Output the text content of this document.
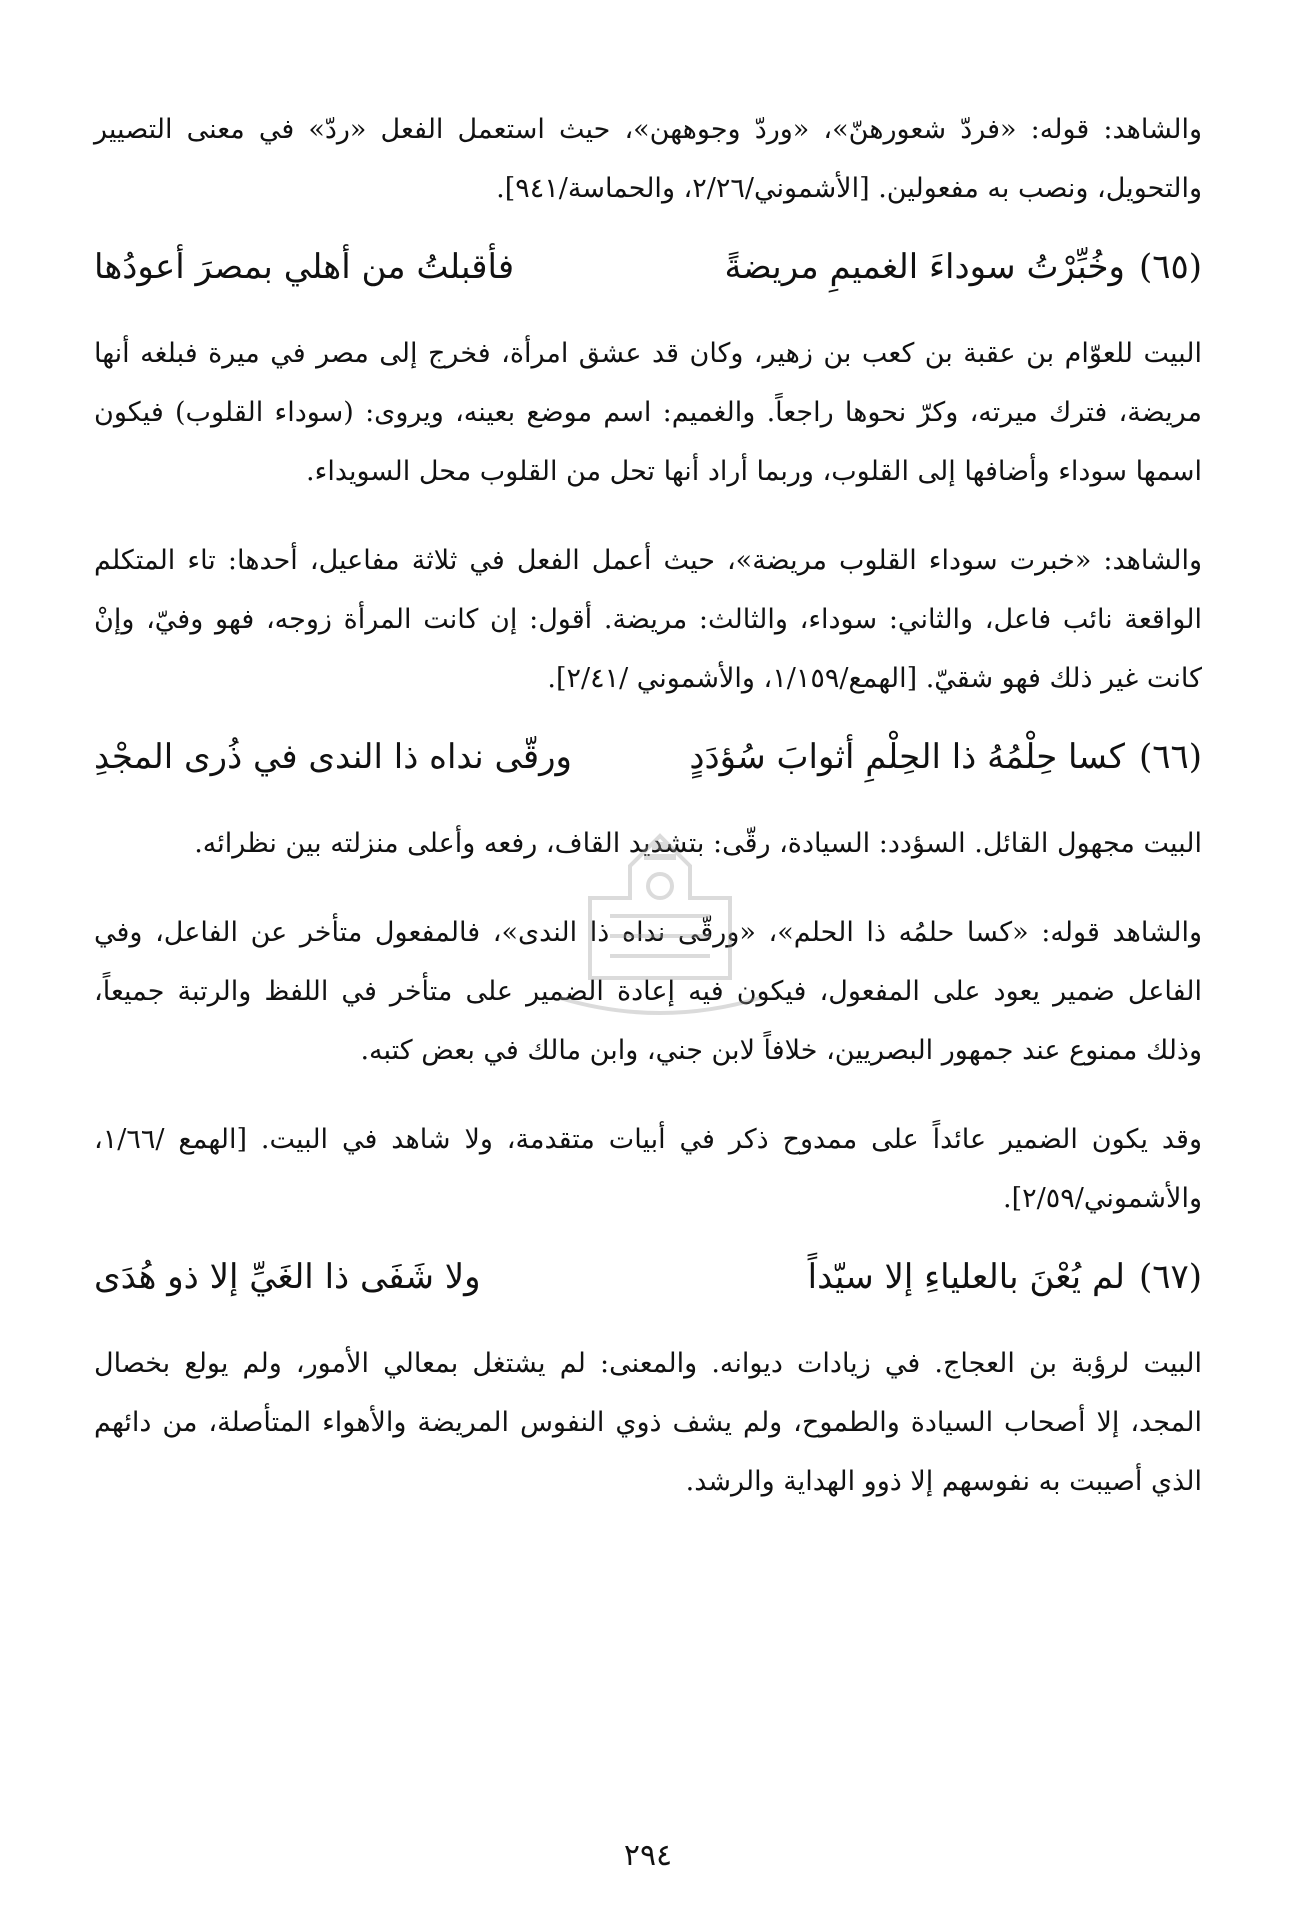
والشاهد: قوله: «فردّ شعورهنّ»، «وردّ وجوههن»، حيث استعمل الفعل «ردّ» في معنى التصيير والتحويل، ونصب به مفعولين. [الأشموني/٢/٢٦، والحماسة/٩٤١].

(٦٥)
وخُبِّرْتُ سوداءَ الغميمِ مريضةً
فأقبلتُ من أهلي بمصرَ أعودُها

البيت للعوّام بن عقبة بن كعب بن زهير، وكان قد عشق امرأة، فخرج إلى مصر في ميرة فبلغه أنها مريضة، فترك ميرته، وكرّ نحوها راجعاً. والغميم: اسم موضع بعينه، ويروى: (سوداء القلوب) فيكون اسمها سوداء وأضافها إلى القلوب، وربما أراد أنها تحل من القلوب محل السويداء.

والشاهد: «خبرت سوداء القلوب مريضة»، حيث أعمل الفعل في ثلاثة مفاعيل، أحدها: تاء المتكلم الواقعة نائب فاعل، والثاني: سوداء، والثالث: مريضة. أقول: إن كانت المرأة زوجه، فهو وفيّ، وإنْ كانت غير ذلك فهو شقيّ. [الهمع/١/١٥٩، والأشموني /٢/٤١].

(٦٦)
كسا حِلْمُهُ ذا الحِلْمِ أثوابَ سُؤدَدٍ
ورقّى نداه ذا الندى في ذُرى المجْدِ

البيت مجهول القائل. السؤدد: السيادة، رقّى: بتشديد القاف، رفعه وأعلى منزلته بين نظرائه.

والشاهد قوله: «كسا حلمُه ذا الحلم»، «ورقّى نداه ذا الندى»، فالمفعول متأخر عن الفاعل، وفي الفاعل ضمير يعود على المفعول، فيكون فيه إعادة الضمير على متأخر في اللفظ والرتبة جميعاً، وذلك ممنوع عند جمهور البصريين، خلافاً لابن جني، وابن مالك في بعض كتبه.

وقد يكون الضمير عائداً على ممدوح ذكر في أبيات متقدمة، ولا شاهد في البيت. [الهمع /١/٦٦، والأشموني/٢/٥٩].

(٦٧)
لم يُعْنَ بالعلياءِ إلا سيّداً
ولا شَفَى ذا الغَيِّ إلا ذو هُدَى

البيت لرؤبة بن العجاج. في زيادات ديوانه. والمعنى: لم يشتغل بمعالي الأمور، ولم يولع بخصال المجد، إلا أصحاب السيادة والطموح، ولم يشف ذوي النفوس المريضة والأهواء المتأصلة، من دائهم الذي أصيبت به نفوسهم إلا ذوو الهداية والرشد.

٢٩٤
